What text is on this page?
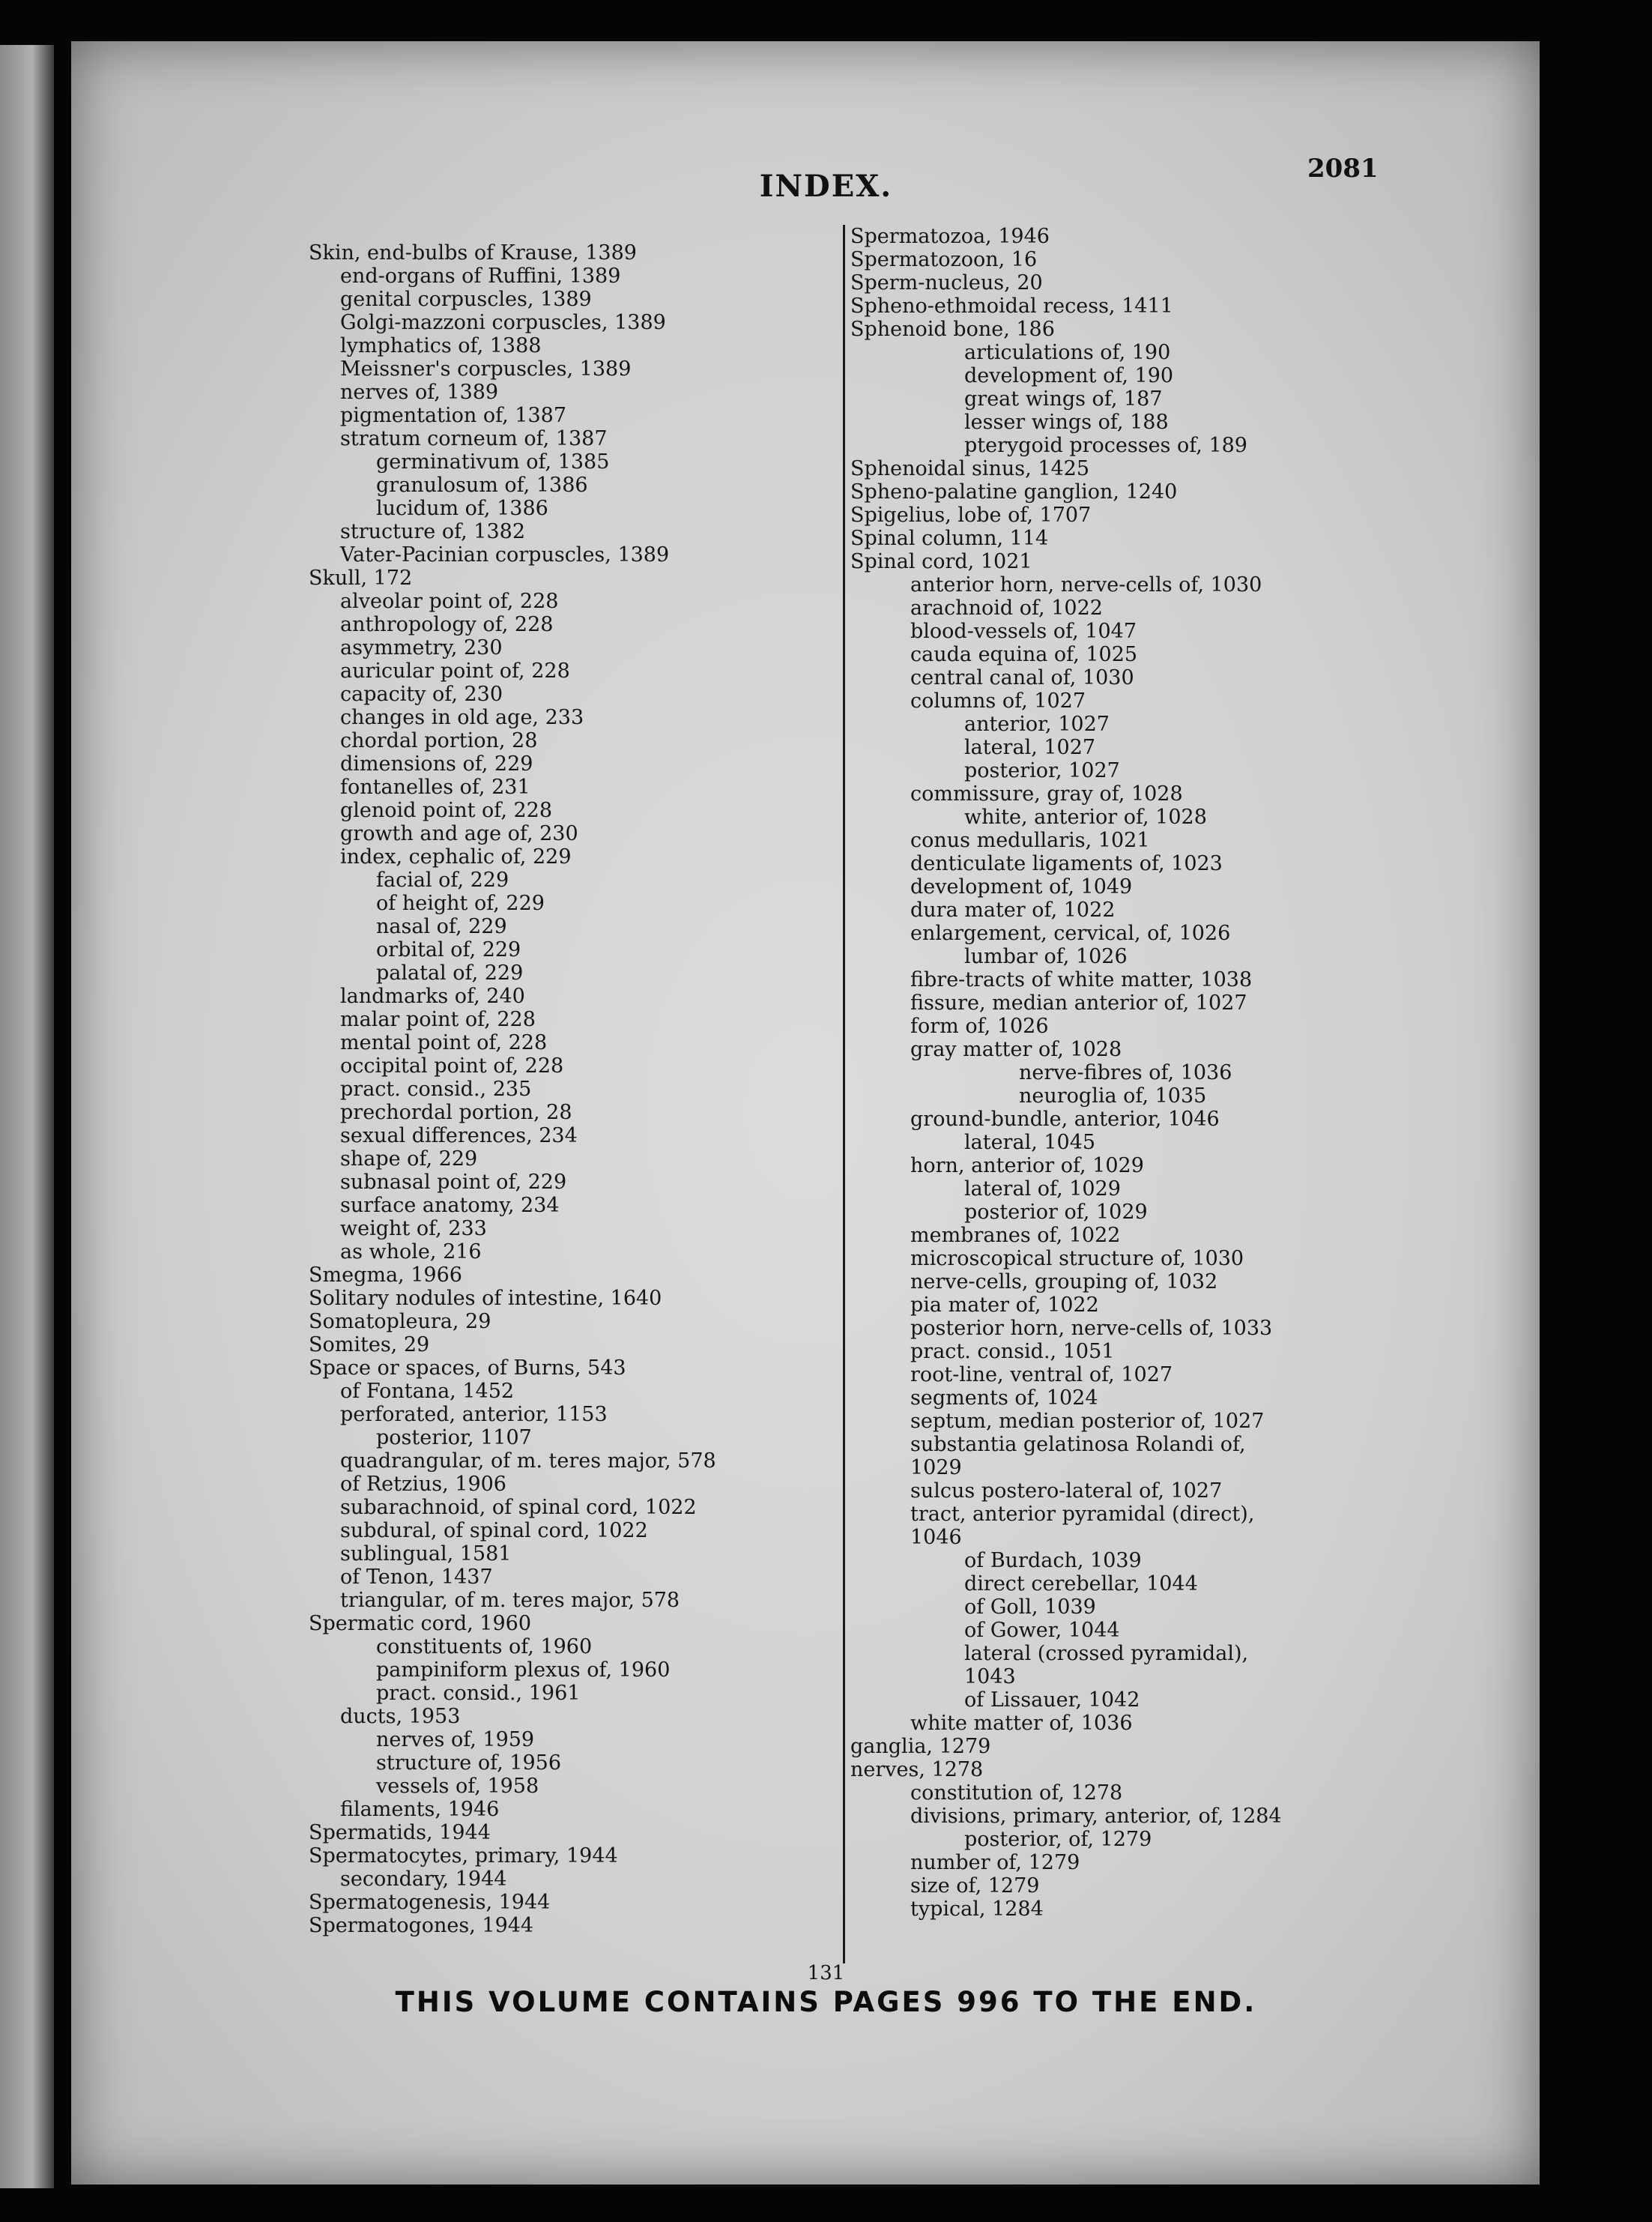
INDEX.	2081
Skin, end-bulbs of Krause, 1389
end-organs of Ruffini, 1389
genital corpuscles, 1389
Golgi-mazzoni corpuscles, 1389
lymphatics of, 1388
Meissner's corpuscles, 1389
nerves of, 1389
pigmentation of, 1387
stratum corneum of, 1387
germinativum of, 1385
granulosum of, 1386
lucidum of, 1386
structure of, 1382
Vater-Pacinian corpuscles, 1389
Skull, 172
alveolar point of, 228
anthropology of, 228
asymmetry, 230
auricular point of, 228
capacity of, 230
changes in old age, 233
chordal portion, 28
dimensions of, 229
fontanelles of, 231
glenoid point of, 228
growth and age of, 230
index, cephalic of, 229
facial of, 229
of height of, 229
nasal of, 229
orbital of, 229
palatal of, 229
landmarks of, 240
malar point of, 228
mental point of, 228
occipital point of, 228
pract. consid., 235
prechordal portion, 28
sexual differences, 234
shape of, 229
subnasal point of, 229
surface anatomy, 234
weight of, 233
as whole, 216
Smegma, 1966
Solitary nodules of intestine, 1640
Somatopleura, 29
Somites, 29
Space or spaces, of Burns, 543
of Fontana, 1452
perforated, anterior, 1153
posterior, 1107
quadrangular, of m. teres major, 578
of Retzius, 1906
subarachnoid, of spinal cord, 1022
subdural, of spinal cord, 1022
sublingual, 1581
of Tenon, 1437
triangular, of m. teres major, 578
Spermatic cord, 1960
constituents of, 1960
pampiniform plexus of, 1960
pract. consid., 1961
ducts, 1953
nerves of, 1959
structure of, 1956
vessels of, 1958
filaments, 1946
Spermatids, 1944
Spermatocytes, primary, 1944
secondary, 1944
Spermatogenesis, 1944
Spermatogones, 1944
Spermatozoa, 1946
Spermatozoon, 16
Sperm-nucleus, 20
Spheno-ethmoidal recess, 1411
Sphenoid bone, 186
articulations of, 190
development of, 190
great wings of, 187
lesser wings of, 188
pterygoid processes of, 189
Sphenoidal sinus, 1425
Spheno-palatine ganglion, 1240
Spigelius, lobe of, 1707
Spinal column, 114
Spinal cord, 1021
anterior horn, nerve-cells of, 1030
arachnoid of, 1022
blood-vessels of, 1047
cauda equina of, 1025
central canal of, 1030
columns of, 1027
anterior, 1027
lateral, 1027
posterior, 1027
commissure, gray of, 1028
white, anterior of, 1028
conus medullaris, 1021
denticulate ligaments of, 1023
development of, 1049
dura mater of, 1022
enlargement, cervical, of, 1026
lumbar of, 1026
fibre-tracts of white matter, 1038
fissure, median anterior of, 1027
form of, 1026
gray matter of, 1028
nerve-fibres of, 1036
neuroglia of, 1035
ground-bundle, anterior, 1046
lateral, 1045
horn, anterior of, 1029
lateral of, 1029
posterior of, 1029
membranes of, 1022
microscopical structure of, 1030
nerve-cells, grouping of, 1032
pia mater of, 1022
posterior horn, nerve-cells of, 1033
pract. consid., 1051
root-line, ventral of, 1027
segments of, 1024
septum, median posterior of, 1027
substantia gelatinosa Rolandi of,
1029
sulcus postero-lateral of, 1027
tract, anterior pyramidal (direct),
1046
of Burdach, 1039
direct cerebellar, 1044
of Goll, 1039
of Gower, 1044
lateral (crossed pyramidal),
1043
of Lissauer, 1042
white matter of, 1036
ganglia, 1279
nerves, 1278
constitution of, 1278
divisions, primary, anterior, of, 1284
posterior, of, 1279
number of, 1279
size of, 1279
typical, 1284
131
THIS VOLUME CONTAINS PAGES 996 TO THE END.
